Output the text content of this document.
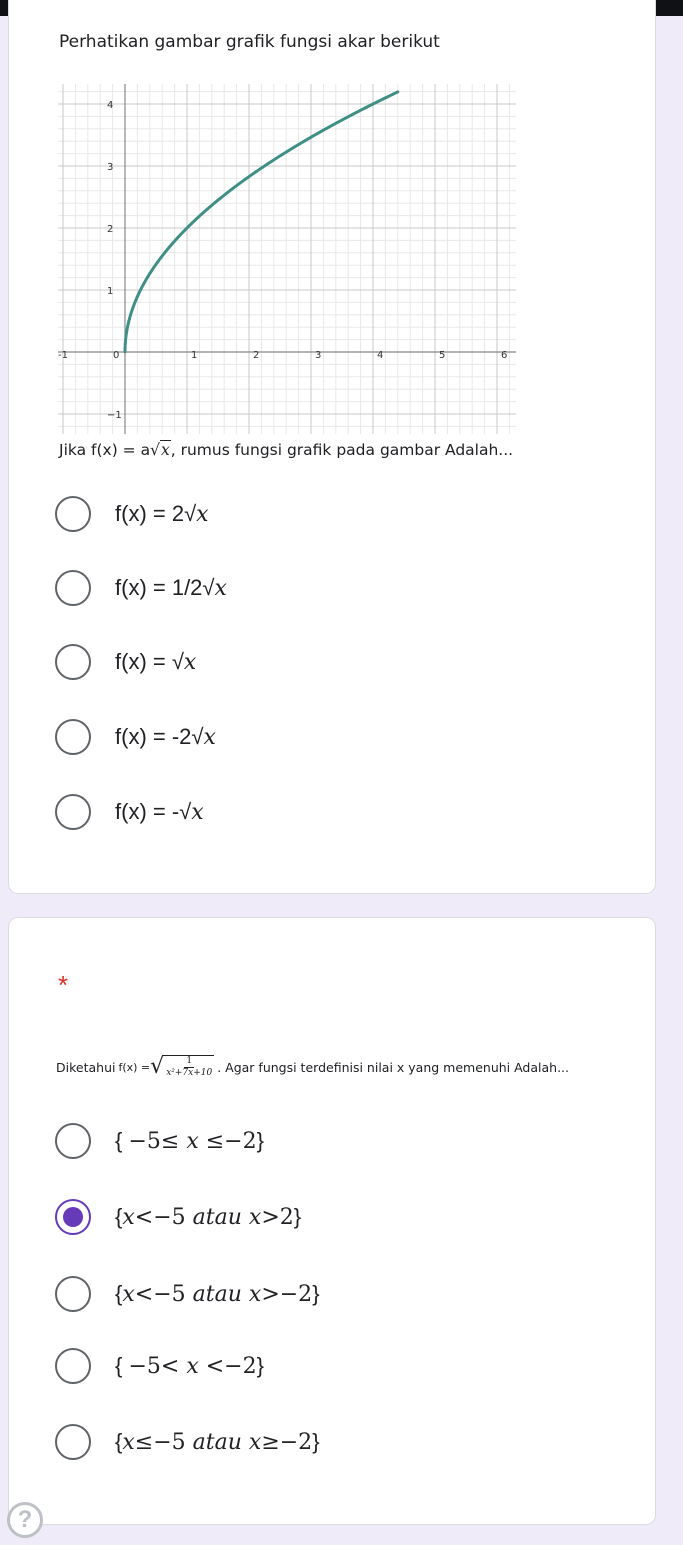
Perhatikan gambar grafik fungsi akar berikut
-1	0	1	2	3	4	5	6
−1
1
2
3
4
Jika f(x) = a√x, rumus fungsi grafik pada gambar Adalah...
f(x) = 2√x
f(x) = 1/2√x
f(x) = √x
f(x) = -2√x
f(x) = -√x
*
Diketahui f(x) = √ $\frac{1}{\text{x²+7x+10}}$ . Agar fungsi terdefinisi nilai x yang memenuhi Adalah...
{ −5≤ x ≤−2}
{x<−5 atau x>2}
{x<−5 atau x>−2}
{ −5< x <−2}
{x≤−5 atau x≥−2}
?
